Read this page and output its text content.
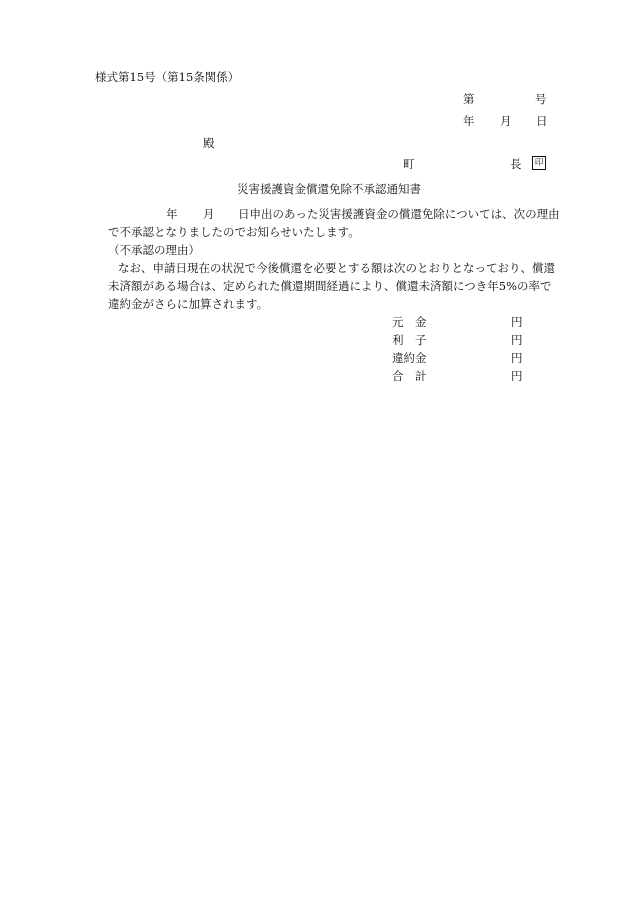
様式第15号（第15条関係）
第	号
年 月 日
殿
町	長	印
災害援護資金償還免除不承認通知書
年 月 日申出のあった災害援護資金の償還免除については、次の理由
で不承認となりましたのでお知らせいたします。
（不承認の理由）
なお、申請日現在の状況で今後償還を必要とする額は次のとおりとなっており、償還
未済額がある場合は、定められた償還期間経過により、償還未済額につき年5%の率で
違約金がさらに加算されます。
元　金	円
利　子	円
違約金	円
合　計	円
